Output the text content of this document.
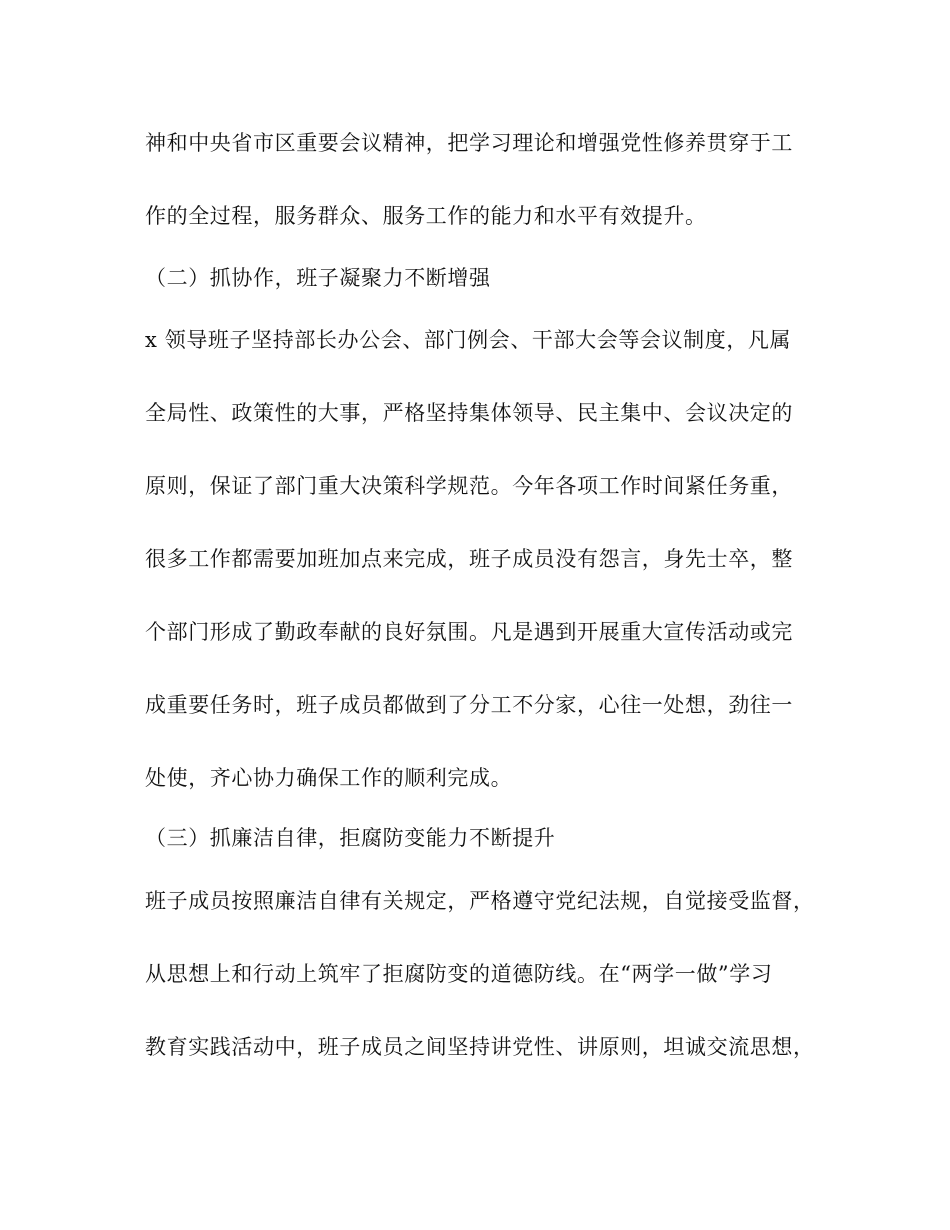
神和中央省市区重要会议精神，把学习理论和增强党性修养贯穿于工
作的全过程，服务群众、服务工作的能力和水平有效提升。
（二）抓协作，班子凝聚力不断增强
x 领导班子坚持部长办公会、部门例会、干部大会等会议制度，凡属
全局性、政策性的大事，严格坚持集体领导、民主集中、会议决定的
原则，保证了部门重大决策科学规范。今年各项工作时间紧任务重，
很多工作都需要加班加点来完成，班子成员没有怨言，身先士卒，整
个部门形成了勤政奉献的良好氛围。凡是遇到开展重大宣传活动或完
成重要任务时，班子成员都做到了分工不分家，心往一处想，劲往一
处使，齐心协力确保工作的顺利完成。
（三）抓廉洁自律，拒腐防变能力不断提升
班子成员按照廉洁自律有关规定，严格遵守党纪法规，自觉接受监督，
从思想上和行动上筑牢了拒腐防变的道德防线。在“两学一做”学习
教育实践活动中，班子成员之间坚持讲党性、讲原则，坦诚交流思想，
